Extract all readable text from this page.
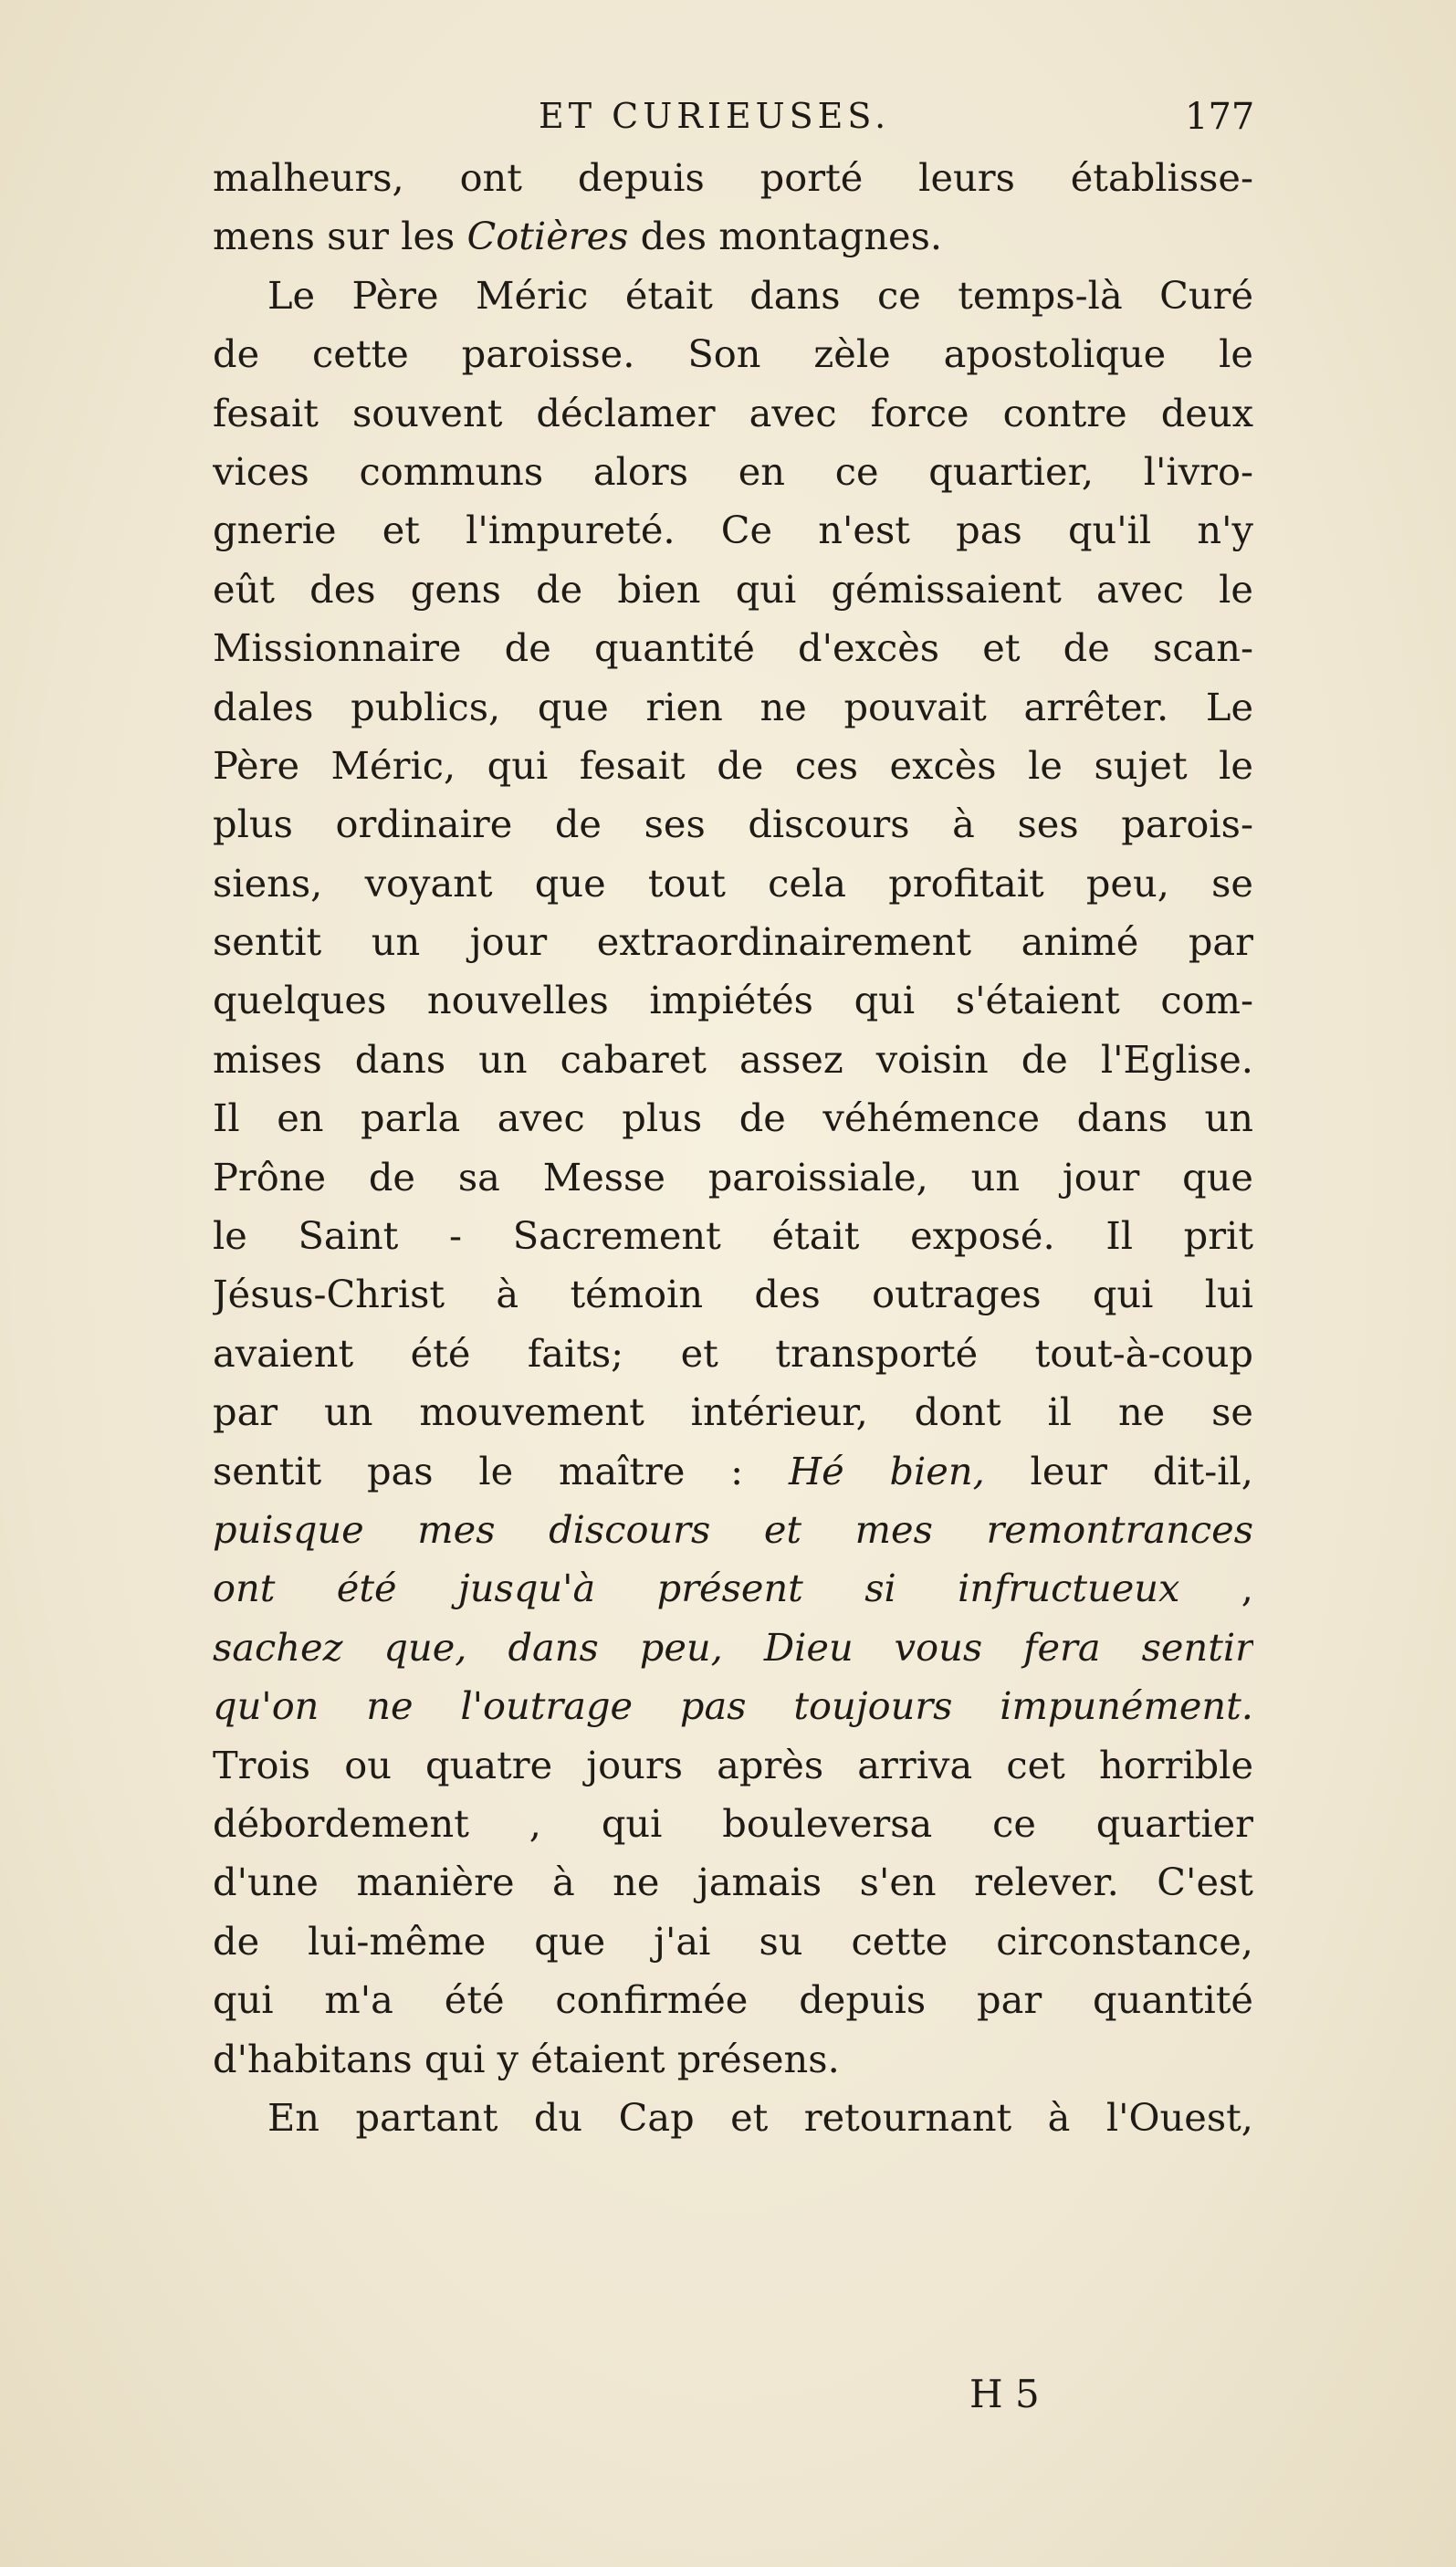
ET CURIEUSES.	177
malheurs, ont depuis porté leurs établisse-
mens sur les Cotières des montagnes.
Le Père Méric était dans ce temps-là Curé
de cette paroisse. Son zèle apostolique le
fesait souvent déclamer avec force contre deux
vices communs alors en ce quartier, l'ivro-
gnerie et l'impureté. Ce n'est pas qu'il n'y
eût des gens de bien qui gémissaient avec le
Missionnaire de quantité d'excès et de scan-
dales publics, que rien ne pouvait arrêter. Le
Père Méric, qui fesait de ces excès le sujet le
plus ordinaire de ses discours à ses parois-
siens, voyant que tout cela profitait peu, se
sentit un jour extraordinairement animé par
quelques nouvelles impiétés qui s'étaient com-
mises dans un cabaret assez voisin de l'Eglise.
Il en parla avec plus de véhémence dans un
Prône de sa Messe paroissiale, un jour que
le Saint - Sacrement était exposé. Il prit
Jésus-Christ à témoin des outrages qui lui
avaient été faits; et transporté tout-à-coup
par un mouvement intérieur, dont il ne se
sentit pas le maître : Hé bien, leur dit-il,
puisque mes discours et mes remontrances
ont été jusqu'à présent si infructueux ,
sachez que, dans peu, Dieu vous fera sentir
qu'on ne l'outrage pas toujours impunément.
Trois ou quatre jours après arriva cet horrible
débordement , qui bouleversa ce quartier
d'une manière à ne jamais s'en relever. C'est
de lui-même que j'ai su cette circonstance,
qui m'a été confirmée depuis par quantité
d'habitans qui y étaient présens.
En partant du Cap et retournant à l'Ouest,
H 5
